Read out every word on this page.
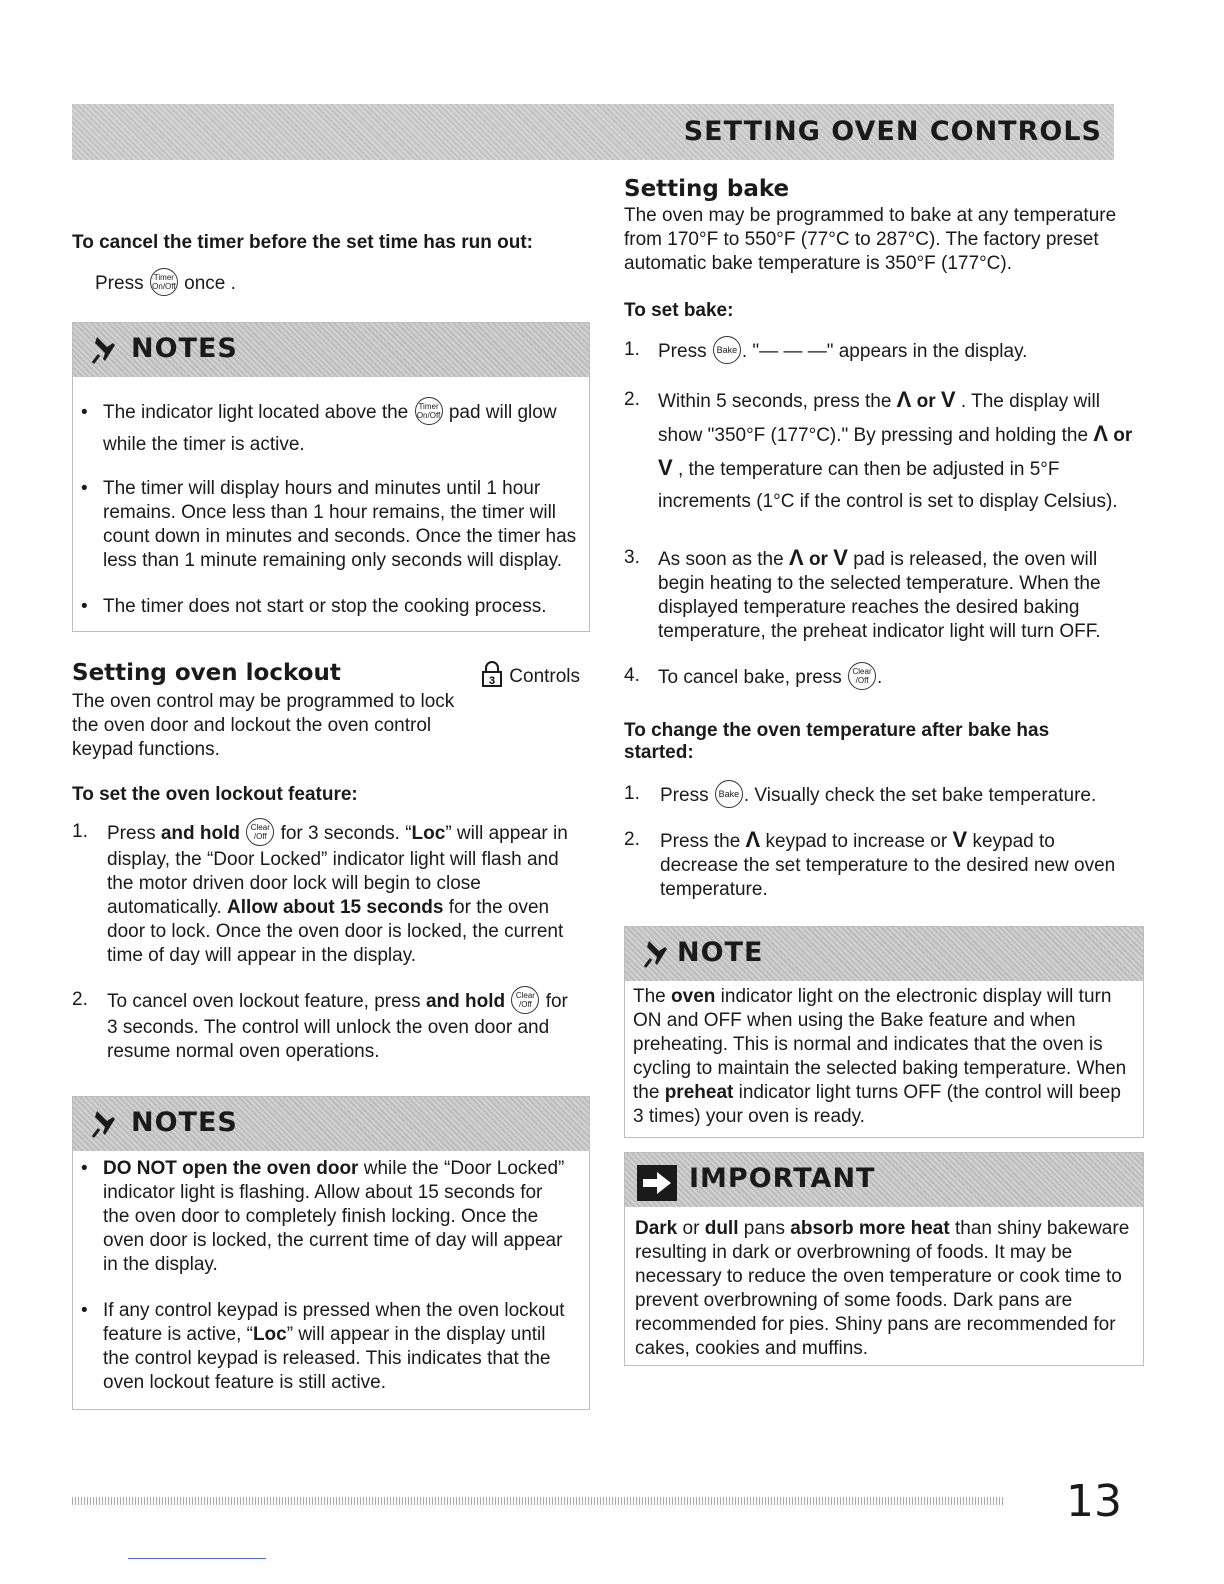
SETTING OVEN CONTROLS
To cancel the timer before the set time has run out:
Press Timer
On/Off once .
NOTES
• The indicator light located above the Timer
On/Off pad will glow while the timer is active.
• The timer will display hours and minutes until 1 hour remains. Once less than 1 hour remains, the timer will count down in minutes and seconds. Once the timer has less than 1 minute remaining only seconds will display.
• The timer does not start or stop the cooking process.
Setting oven lockout	3 Controls
The oven control may be programmed to lock the oven door and lockout the oven control keypad functions.
To set the oven lockout feature:
1. Press and hold Clear
/Off for 3 seconds. “Loc” will appear in display, the “Door Locked” indicator light will flash and the motor driven door lock will begin to close automatically. Allow about 15 seconds for the oven door to lock. Once the oven door is locked, the current time of day will appear in the display.
2. To cancel oven lockout feature, press and hold Clear
/Off for 3 seconds. The control will unlock the oven door and resume normal oven operations.
NOTES
• DO NOT open the oven door while the “Door Locked” indicator light is flashing. Allow about 15 seconds for the oven door to completely finish locking. Once the oven door is locked, the current time of day will appear in the display.
• If any control keypad is pressed when the oven lockout feature is active, “Loc” will appear in the display until the control keypad is released. This indicates that the oven lockout feature is still active.
Setting bake
The oven may be programmed to bake at any temperature from 170°F to 550°F (77°C to 287°C). The factory preset automatic bake temperature is 350°F (177°C).
To set bake:
1. Press Bake . "— — —" appears in the display.
2. Within 5 seconds, press the Λ or V . The display will show "350°F (177°C)." By pressing and holding the Λ or V , the temperature can then be adjusted in 5°F increments (1°C if the control is set to display Celsius).
3. As soon as the Λ or V pad is released, the oven will begin heating to the selected temperature. When the displayed temperature reaches the desired baking temperature, the preheat indicator light will turn OFF.
4. To cancel bake, press Clear
/Off .
To change the oven temperature after bake has started:
1. Press Bake . Visually check the set bake temperature.
2. Press the Λ keypad to increase or V keypad to decrease the set temperature to the desired new oven temperature.
NOTE
The oven indicator light on the electronic display will turn ON and OFF when using the Bake feature and when preheating. This is normal and indicates that the oven is cycling to maintain the selected baking temperature. When the preheat indicator light turns OFF (the control will beep 3 times) your oven is ready.
IMPORTANT
Dark or dull pans absorb more heat than shiny bakeware resulting in dark or overbrowning of foods. It may be necessary to reduce the oven temperature or cook time to prevent overbrowning of some foods. Dark pans are recommended for pies. Shiny pans are recommended for cakes, cookies and muffins.
13
